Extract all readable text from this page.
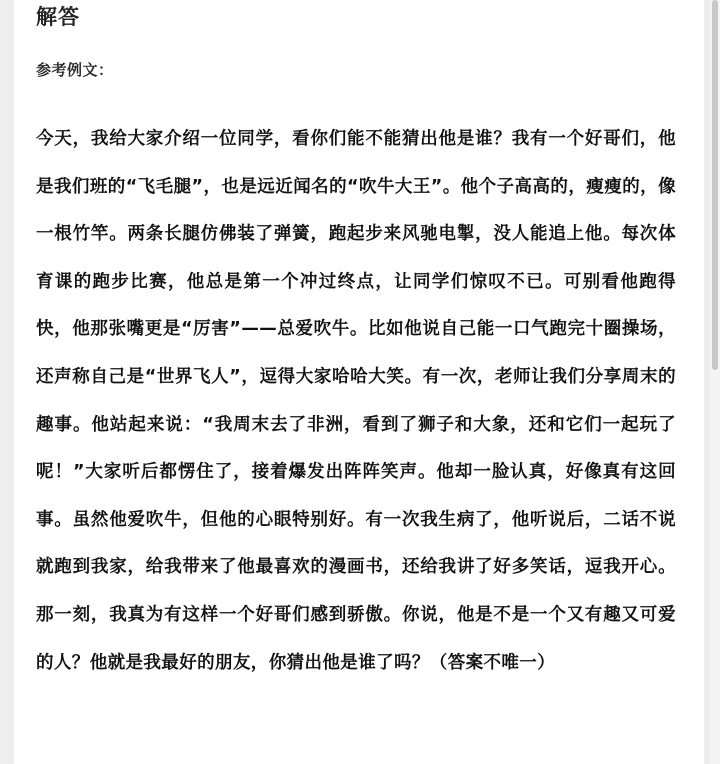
解答

参考例文：

今天，我给大家介绍一位同学，看你们能不能猜出他是谁？我有一个好哥们，他是我们班的“飞毛腿”，也是远近闻名的“吹牛大王”。他个子高高的，瘦瘦的，像一根竹竿。两条长腿仿佛装了弹簧，跑起步来风驰电掣，没人能追上他。每次体育课的跑步比赛，他总是第一个冲过终点，让同学们惊叹不已。可别看他跑得快，他那张嘴更是“厉害”——总爱吹牛。比如他说自己能一口气跑完十圈操场，还声称自己是“世界飞人”，逗得大家哈哈大笑。有一次，老师让我们分享周末的趣事。他站起来说：“我周末去了非洲，看到了狮子和大象，还和它们一起玩了呢！”大家听后都愣住了，接着爆发出阵阵笑声。他却一脸认真，好像真有这回事。虽然他爱吹牛，但他的心眼特别好。有一次我生病了，他听说后，二话不说就跑到我家，给我带来了他最喜欢的漫画书，还给我讲了好多笑话，逗我开心。那一刻，我真为有这样一个好哥们感到骄傲。你说，他是不是一个又有趣又可爱的人？他就是我最好的朋友，你猜出他是谁了吗？（答案不唯一）
